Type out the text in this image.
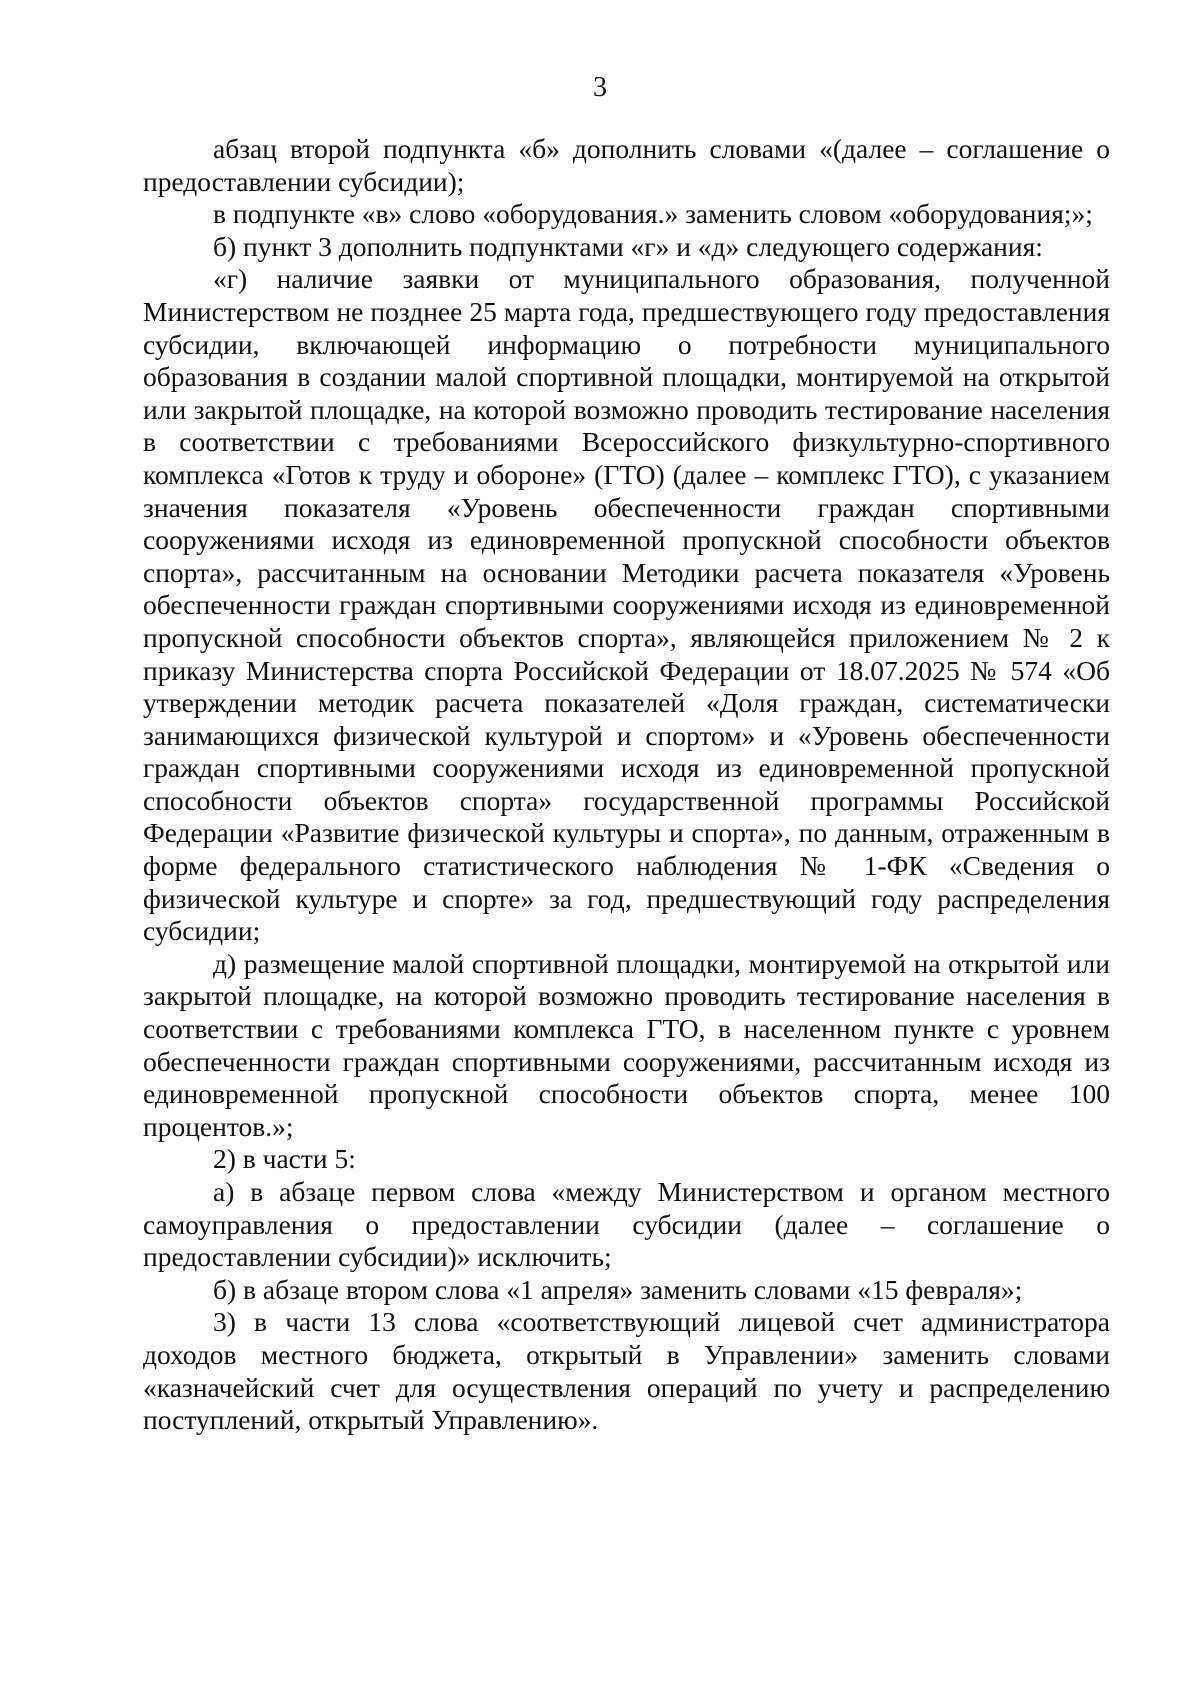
3

абзац второй подпункта «б» дополнить словами «(далее – соглашение о предоставлении субсидии);

в подпункте «в» слово «оборудования.» заменить словом «оборудования;»;

б) пункт 3 дополнить подпунктами «г» и «д» следующего содержания:

«г) наличие заявки от муниципального образования, полученной Министерством не позднее 25 марта года, предшествующего году предоставления субсидии, включающей информацию о потребности муниципального образования в создании малой спортивной площадки, монтируемой на открытой или закрытой площадке, на которой возможно проводить тестирование населения в соответствии с требованиями Всероссийского физкультурно-спортивного комплекса «Готов к труду и обороне» (ГТО) (далее – комплекс ГТО), с указанием значения показателя «Уровень обеспеченности граждан спортивными сооружениями исходя из единовременной пропускной способности объектов спорта», рассчитанным на основании Методики расчета показателя «Уровень обеспеченности граждан спортивными сооружениями исходя из единовременной пропускной способности объектов спорта», являющейся приложением № 2 к приказу Министерства спорта Российской Федерации от 18.07.2025 № 574 «Об утверждении методик расчета показателей «Доля граждан, систематически занимающихся физической культурой и спортом» и «Уровень обеспеченности граждан спортивными сооружениями исходя из единовременной пропускной способности объектов спорта» государственной программы Российской Федерации «Развитие физической культуры и спорта», по данным, отраженным в форме федерального статистического наблюдения № 1-ФК «Сведения о физической культуре и спорте» за год, предшествующий году распределения субсидии;

д) размещение малой спортивной площадки, монтируемой на открытой или закрытой площадке, на которой возможно проводить тестирование населения в соответствии с требованиями комплекса ГТО, в населенном пункте с уровнем обеспеченности граждан спортивными сооружениями, рассчитанным исходя из единовременной пропускной способности объектов спорта, менее 100 процентов.»;

2) в части 5:

а) в абзаце первом слова «между Министерством и органом местного самоуправления о предоставлении субсидии (далее – соглашение о предоставлении субсидии)» исключить;

б) в абзаце втором слова «1 апреля» заменить словами «15 февраля»;

3) в части 13 слова «соответствующий лицевой счет администратора доходов местного бюджета, открытый в Управлении» заменить словами «казначейский счет для осуществления операций по учету и распределению поступлений, открытый Управлению».
